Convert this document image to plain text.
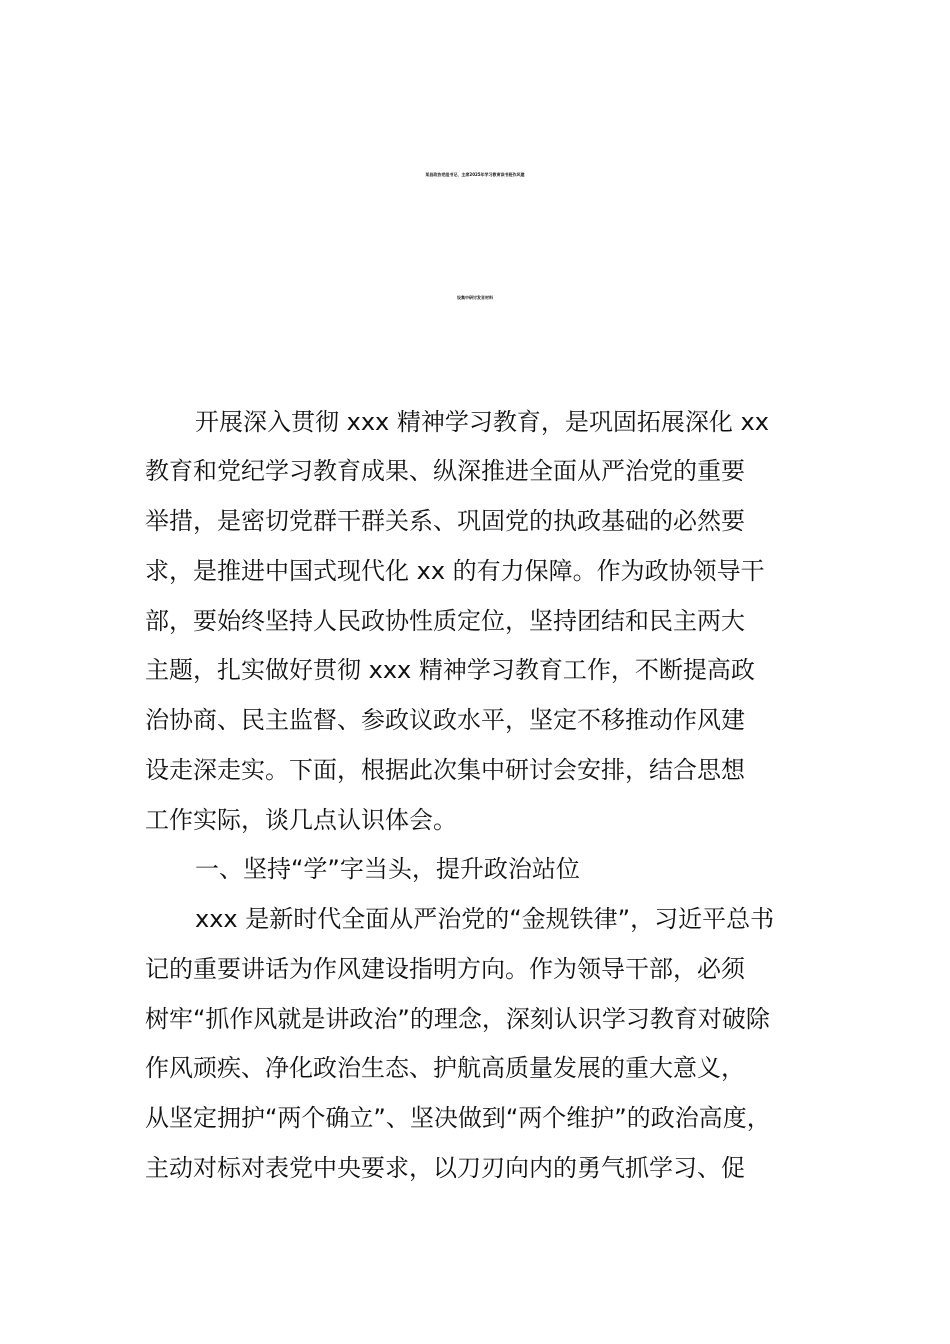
某县政协党组书记、主席2025年学习教育读书班作风建
设集中研讨发言材料
开展深入贯彻 xxx 精神学习教育，是巩固拓展深化 xx
教育和党纪学习教育成果、纵深推进全面从严治党的重要
举措，是密切党群干群关系、巩固党的执政基础的必然要
求，是推进中国式现代化 xx 的有力保障。作为政协领导干
部，要始终坚持人民政协性质定位，坚持团结和民主两大
主题，扎实做好贯彻 xxx 精神学习教育工作，不断提高政
治协商、民主监督、参政议政水平，坚定不移推动作风建
设走深走实。下面，根据此次集中研讨会安排，结合思想
工作实际，谈几点认识体会。
一、坚持“学”字当头，提升政治站位
xxx 是新时代全面从严治党的“金规铁律”，习近平总书
记的重要讲话为作风建设指明方向。作为领导干部，必须
树牢“抓作风就是讲政治”的理念，深刻认识学习教育对破除
作风顽疾、净化政治生态、护航高质量发展的重大意义，
从坚定拥护“两个确立”、坚决做到“两个维护”的政治高度，
主动对标对表党中央要求，以刀刃向内的勇气抓学习、促
